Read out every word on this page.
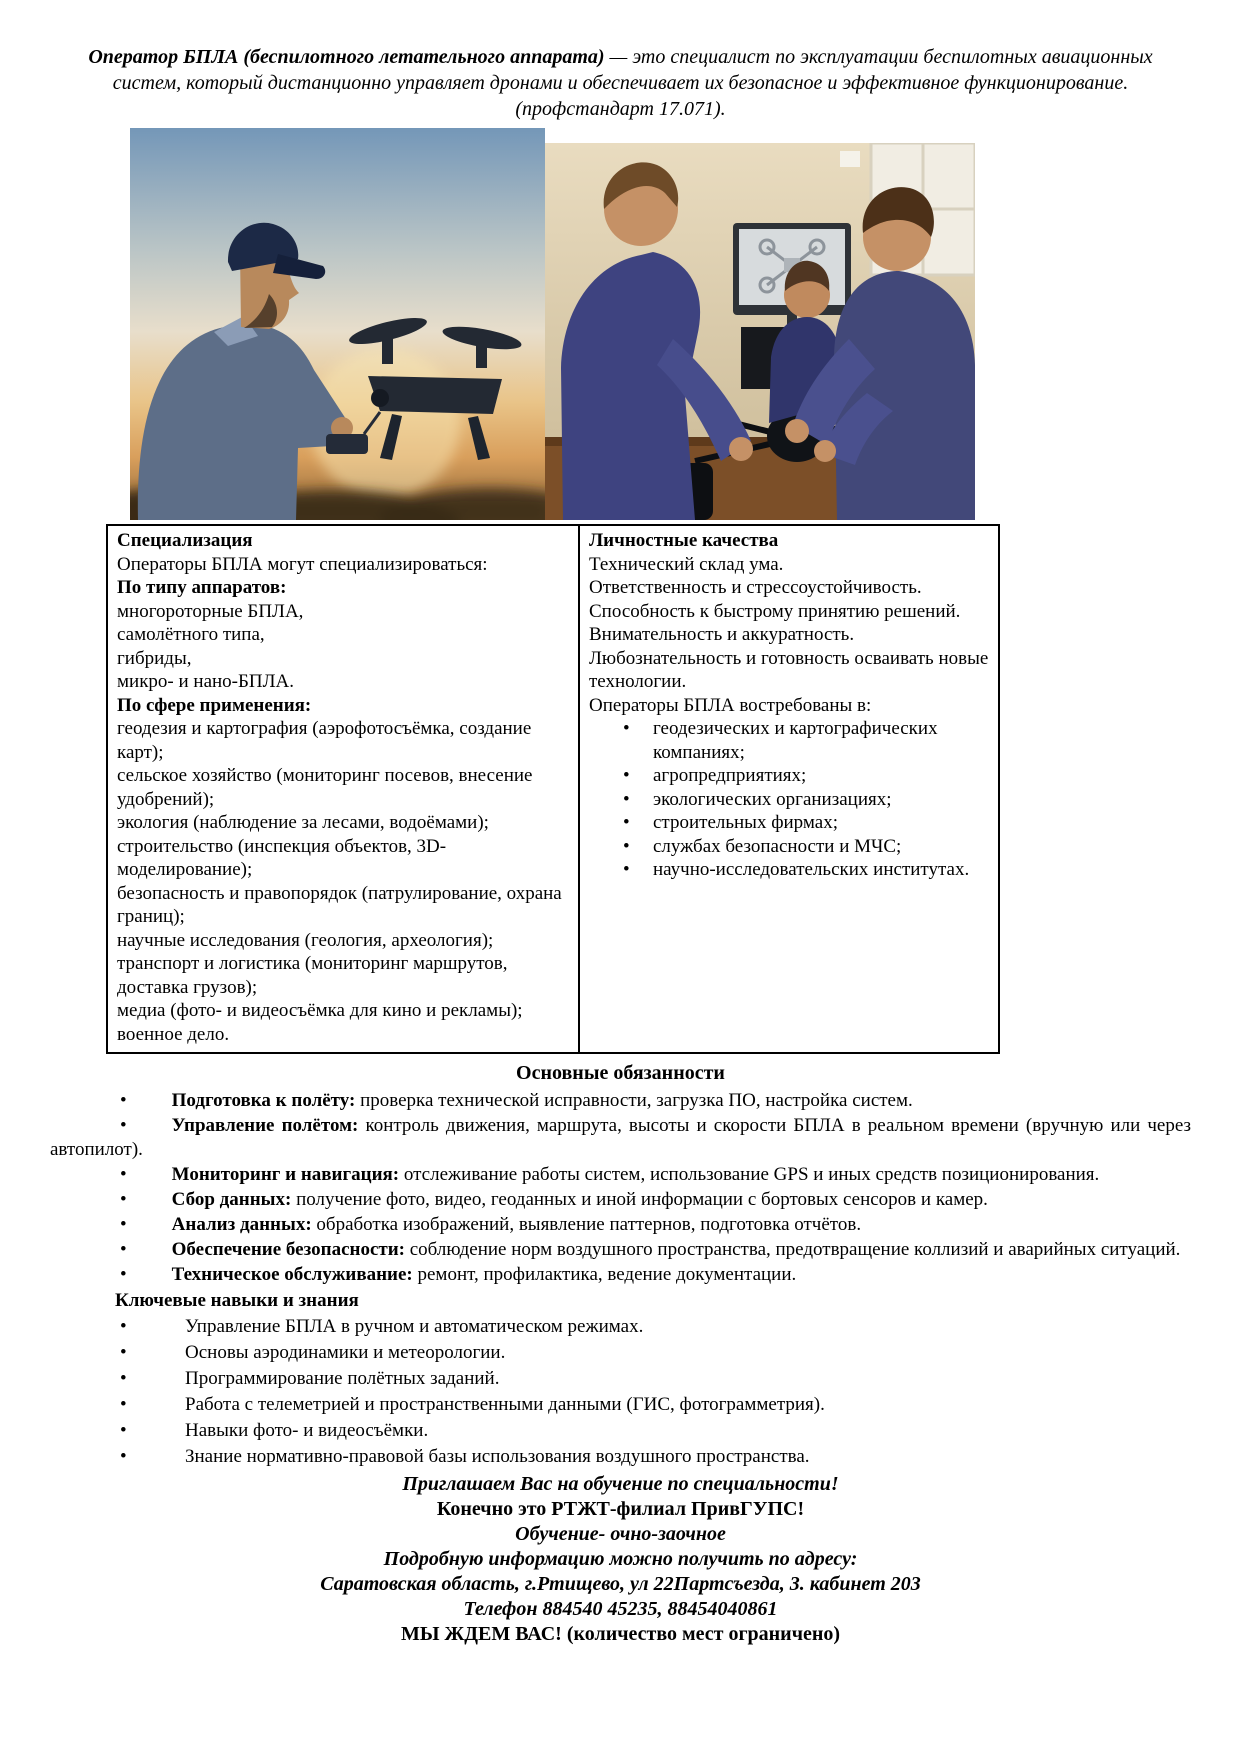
Оператор БПЛА (беспилотного летательного аппарата) — это специалист по эксплуатации беспилотных авиационных систем, который дистанционно управляет дронами и обеспечивает их безопасное и эффективное функционирование. (профстандарт 17.071).

Специализация
Операторы БПЛА могут специализироваться:
По типу аппаратов:
многороторные БПЛА,
самолётного типа,
гибриды,
микро- и нано-БПЛА.
По сфере применения:
геодезия и картография (аэрофотосъёмка, создание карт);
сельское хозяйство (мониторинг посевов, внесение удобрений);
экология (наблюдение за лесами, водоёмами);
строительство (инспекция объектов, 3D-моделирование);
безопасность и правопорядок (патрулирование, охрана границ);
научные исследования (геология, археология);
транспорт и логистика (мониторинг маршрутов, доставка грузов);
медиа (фото- и видеосъёмка для кино и рекламы);
военное дело.

Личностные качества
Технический склад ума.
Ответственность и стрессоустойчивость.
Способность к быстрому принятию решений.
Внимательность и аккуратность.
Любознательность и готовность осваивать новые технологии.
Операторы БПЛА востребованы в:
• геодезических и картографических компаниях;
• агропредприятиях;
• экологических организациях;
• строительных фирмах;
• службах безопасности и МЧС;
• научно-исследовательских институтах.
Основные обязанности

• Подготовка к полёту: проверка технической исправности, загрузка ПО, настройка систем.

• Управление полётом: контроль движения, маршрута, высоты и скорости БПЛА в реальном времени (вручную или через автопилот).

• Мониторинг и навигация: отслеживание работы систем, использование GPS и иных средств позиционирования.

• Сбор данных: получение фото, видео, геоданных и иной информации с бортовых сенсоров и камер.

• Анализ данных: обработка изображений, выявление паттернов, подготовка отчётов.

• Обеспечение безопасности: соблюдение норм воздушного пространства, предотвращение коллизий и аварийных ситуаций.

• Техническое обслуживание: ремонт, профилактика, ведение документации.

Ключевые навыки и знания
• Управление БПЛА в ручном и автоматическом режимах.
• Основы аэродинамики и метеорологии.
• Программирование полётных заданий.
• Работа с телеметрией и пространственными данными (ГИС, фотограмметрия).
• Навыки фото- и видеосъёмки.
• Знание нормативно-правовой базы использования воздушного пространства.
Приглашаем Вас на обучение по специальности!
Конечно это РТЖТ-филиал ПривГУПС!
Обучение- очно-заочное
Подробную информацию можно получить по адресу:
Саратовская область, г.Ртищево, ул 22Партсъезда, 3. кабинет 203
Телефон 884540 45235, 88454040861
МЫ ЖДЕМ ВАС! (количество мест ограничено)
